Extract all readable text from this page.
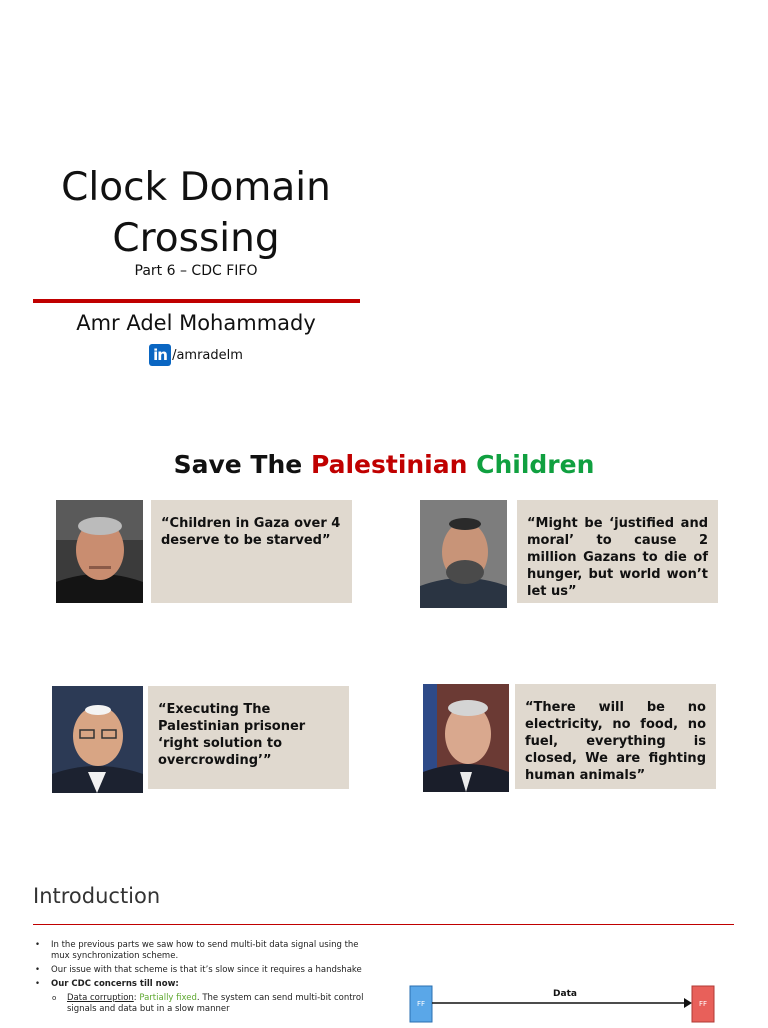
Clock Domain
Crossing
Part 6 – CDC FIFO
Amr Adel Mohammady
in /amradelm
Save The Palestinian Children
“Children in Gaza over 4 deserve to be starved”
“Might be ‘justified and moral’ to cause 2 million Gazans to die of hunger, but world won’t let us”
“Executing The Palestinian prisoner ‘right solution to overcrowding’”
“There will be no electricity, no food, no fuel, everything is closed, We are fighting human animals”
Introduction
• In the previous parts we saw how to send multi-bit data signal using the mux synchronization scheme.
• Our issue with that scheme is that it’s slow since it requires a handshake
• Our CDC concerns till now:
o Data corruption: Partially fixed. The system can send multi-bit control signals and data but in a slow manner	FF
Data
FF
